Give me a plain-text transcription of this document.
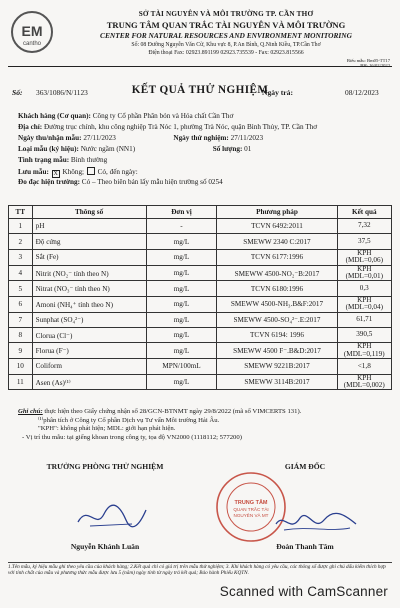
EM
cantho
SỞ TÀI NGUYÊN VÀ MÔI TRƯỜNG TP. CẦN THƠ
TRUNG TÂM QUAN TRẮC TÀI NGUYÊN VÀ MÔI TRƯỜNG
CENTER FOR NATURAL RESOURCES AND ENVIRONMENT MONITORING
Số: 08 Đường Nguyễn Văn Cừ, Khu vực 8, P.An Bình, Q.Ninh Kiều, TP.Cần Thơ
Điện thoại Fax: 02923.891199 02923.735539 - Fax: 02923.815566
Biểu mẫu: Bm05-TT17
BH: 16/02/2022
Số: 363/1086/N/1123	KẾT QUẢ THỬ NGHIỆM
Ngày trả:	08/12/2023
Khách hàng (Cơ quan): Công ty Cổ phần Phân bón và Hóa chất Cần Thơ
Địa chỉ: Đường trục chính, khu công nghiệp Trà Nóc 1, phường Trà Nóc, quận Bình Thủy, TP. Cần Thơ
Ngày thu/nhận mẫu: 27/11/2023	Ngày thử nghiệm: 27/11/2023
Loại mẫu (ký hiệu): Nước ngầm (NN1)	Số lượng: 01
Tình trạng mẫu: Bình thường
Lưu mẫu: X Không; Có, đến ngày:
Đo đạc hiện trường: Có – Theo biên bản lấy mẫu hiện trường số 0254
TT	Thông số	Đơn vị	Phương pháp	Kết quả
1	pH	-	TCVN 6492:2011	7,32

2	Độ cứng	mg/L	SMEWW 2340 C:2017	37,5

3	Sắt (Fe)	mg/L	TCVN 6177:1996	KPH
(MDL=0,06)

4	Nitrit (NO₂⁻ tính theo N)	mg/L	SMEWW 4500-NO₂⁻B:2017	KPH
(MDL=0,01)

5	Nitrat (NO₃⁻ tính theo N)	mg/L	TCVN 6180:1996	0,3

6	Amoni (NH₄⁺ tính theo N)	mg/L	SMEWW 4500-NH₃.B&F:2017	KPH
(MDL=0,04)

7	Sunphat (SO₄²⁻)	mg/L	SMEWW 4500-SO₄²⁻.E:2017	61,71

8	Clorua (Cl⁻)	mg/L	TCVN 6194: 1996	390,5

9	Florua (F⁻)	mg/L	SMEWW 4500 F⁻.B&D:2017	KPH
(MDL=0,119)

10	Coliform	MPN/100mL	SMEWW 9221B:2017	<1,8

11	Asen (As)⁽¹⁾	mg/L	SMEWW 3114B:2017	KPH
(MDL=0,002)
Ghi chú: thực hiện theo Giấy chứng nhận số 28/GCN-BTNMT ngày 29/8/2022 (mã số VIMCERTS 131).
⁽¹⁾phân tích ở Công ty Cổ phần Dịch vụ Tư vấn Môi trường Hải Âu.
"KPH": không phát hiện; MDL: giới hạn phát hiện.
- Vị trí thu mẫu: tại giếng khoan trong công ty, tọa độ VN2000 (1118112; 577200)
TRƯỞNG PHÒNG THỬ NGHIỆM	GIÁM ĐỐC
TRUNG TÂM
QUAN TRẮC TÀI
NGUYÊN VÀ MT
Nguyễn Khánh Luân	Đoàn Thanh Tâm
1.Tên mẫu, ký hiệu mẫu ghi theo yêu cầu của khách hàng; 2.Kết quả chỉ có giá trị trên mẫu thử nghiệm; 3. Khi khách hàng có yêu cầu, các thông số được ghi chú dấu kiểm thích hợp với tính chất của mẫu và phương thức mẫu được lưu 5 (năm) ngày tính từ ngày trả kết quả; Bảo hành Phiếu KQTN.
Scanned with CamScanner
